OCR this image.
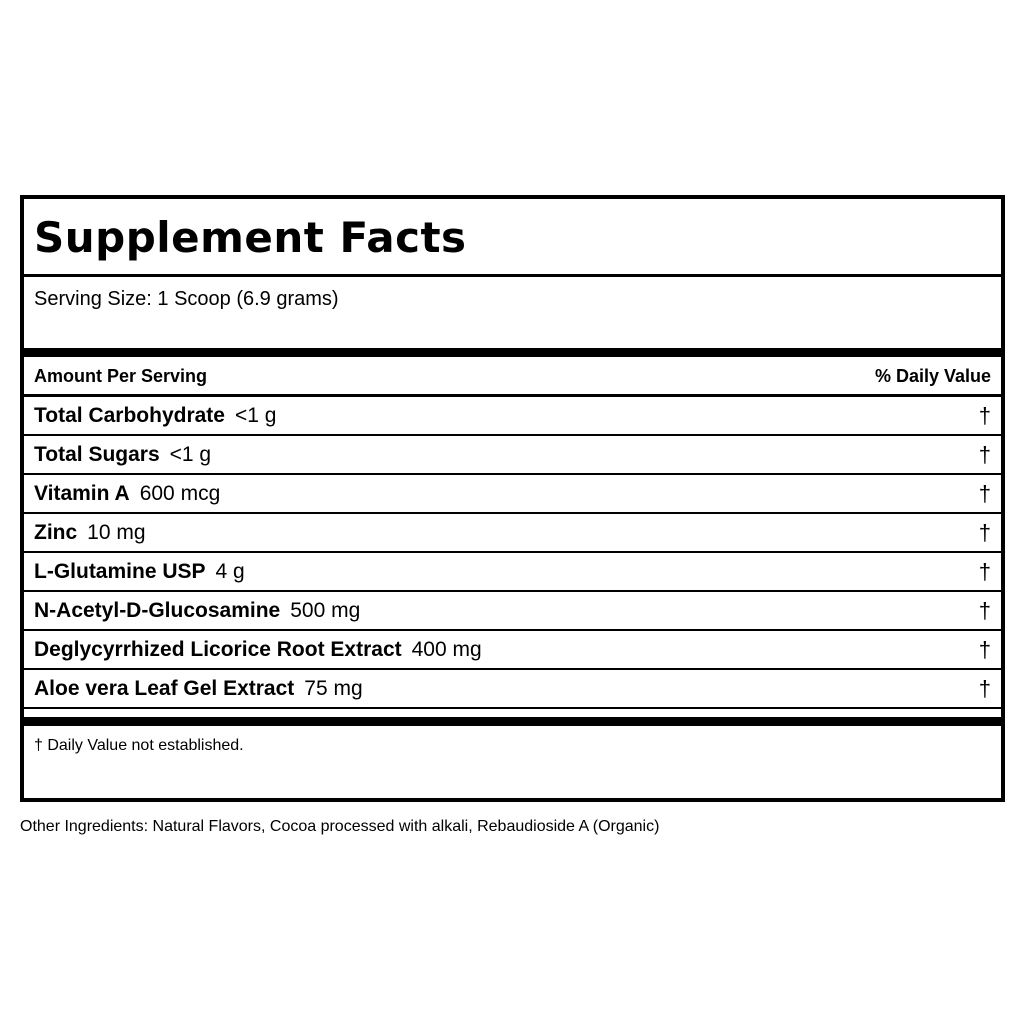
Supplement Facts
Serving Size: 1 Scoop (6.9 grams)
Amount Per Serving	% Daily Value
Total Carbohydrate <1 g	†
Total Sugars <1 g	†
Vitamin A 600 mcg	†
Zinc 10 mg	†
L-Glutamine USP 4 g	†
N-Acetyl-D-Glucosamine 500 mg	†
Deglycyrrhized Licorice Root Extract 400 mg	†
Aloe vera Leaf Gel Extract 75 mg	†
† Daily Value not established.
Other Ingredients: Natural Flavors, Cocoa processed with alkali, Rebaudioside A (Organic)
